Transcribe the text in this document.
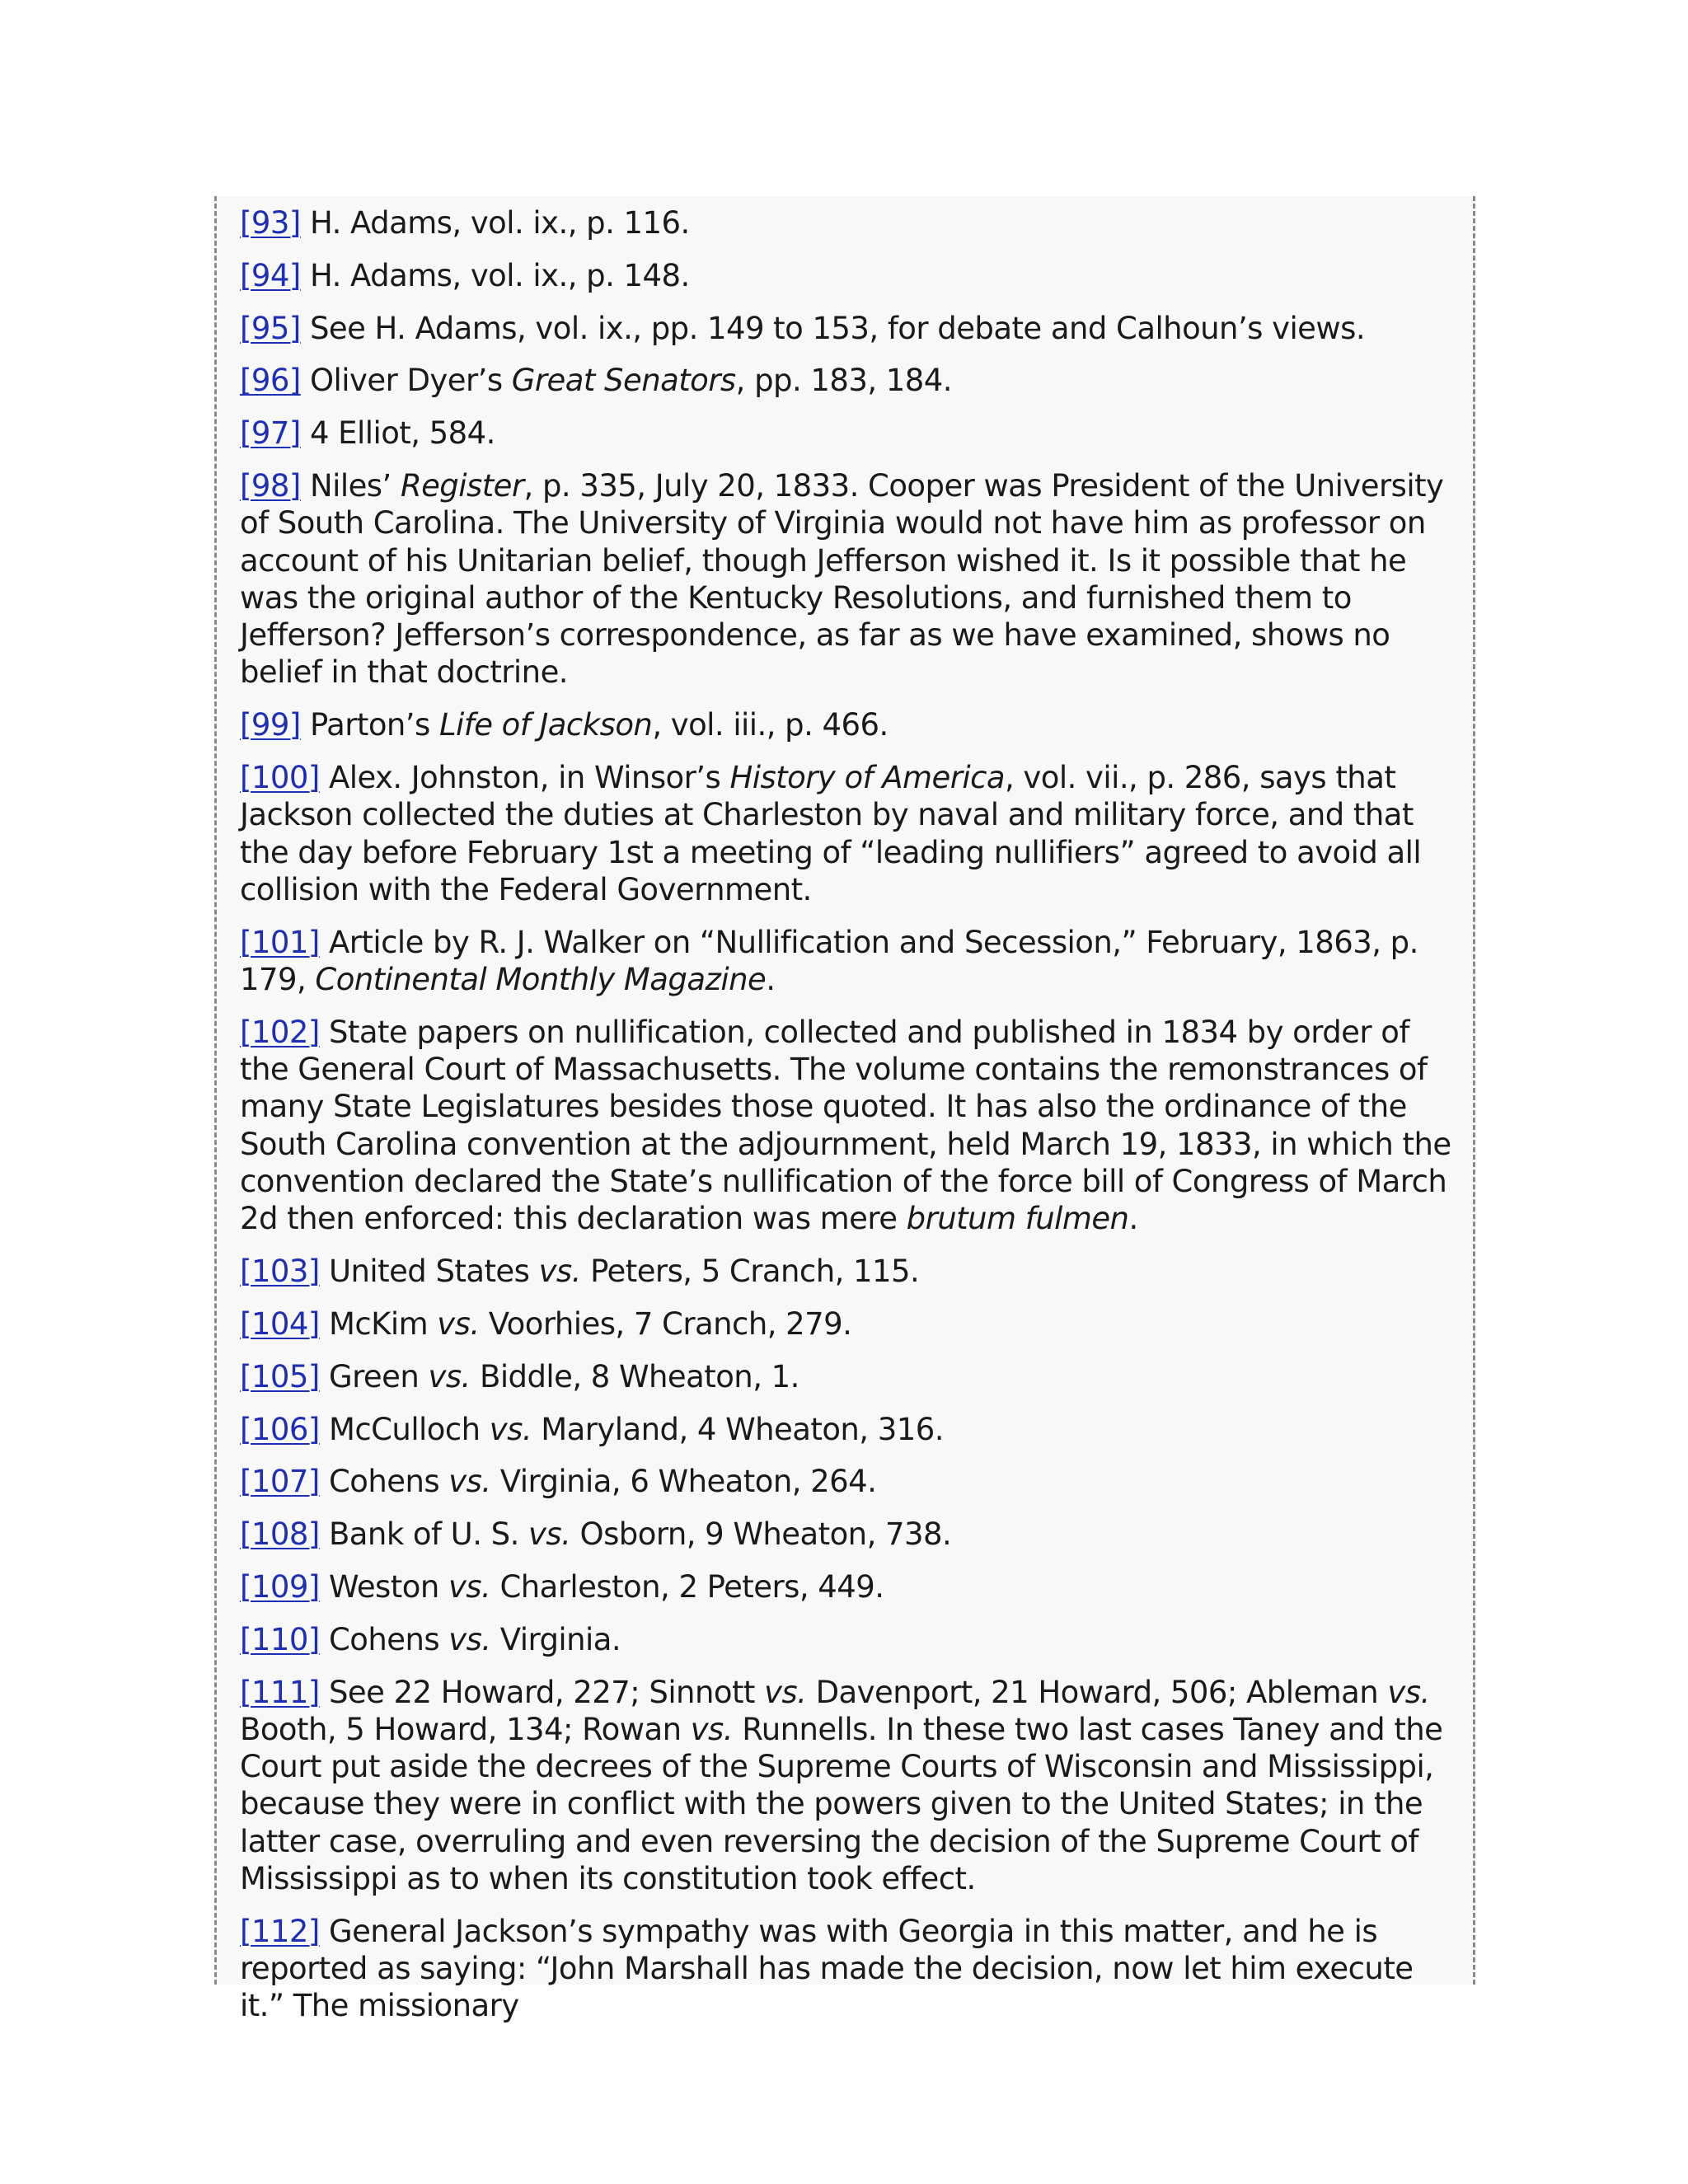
[93] H. Adams, vol. ix., p. 116.

[94] H. Adams, vol. ix., p. 148.

[95] See H. Adams, vol. ix., pp. 149 to 153, for debate and Calhoun’s views.

[96] Oliver Dyer’s Great Senators, pp. 183, 184.

[97] 4 Elliot, 584.

[98] Niles’ Register, p. 335, July 20, 1833. Cooper was President of the University of South Carolina. The University of Virginia would not have him as professor on account of his Unitarian belief, though Jefferson wished it. Is it possible that he was the original author of the Kentucky Resolutions, and furnished them to Jefferson? Jefferson’s correspondence, as far as we have examined, shows no belief in that doctrine.

[99] Parton’s Life of Jackson, vol. iii., p. 466.

[100] Alex. Johnston, in Winsor’s History of America, vol. vii., p. 286, says that Jackson collected the duties at Charleston by naval and military force, and that the day before February 1st a meeting of “leading nullifiers” agreed to avoid all collision with the Federal Government.

[101] Article by R. J. Walker on “Nullification and Secession,” February, 1863, p. 179, Continental Monthly Magazine.

[102] State papers on nullification, collected and published in 1834 by order of the General Court of Massachusetts. The volume contains the remonstrances of many State Legislatures besides those quoted. It has also the ordinance of the South Carolina convention at the adjournment, held March 19, 1833, in which the convention declared the State’s nullification of the force bill of Congress of March 2d then enforced: this declaration was mere brutum fulmen.

[103] United States vs. Peters, 5 Cranch, 115.

[104] McKim vs. Voorhies, 7 Cranch, 279.

[105] Green vs. Biddle, 8 Wheaton, 1.

[106] McCulloch vs. Maryland, 4 Wheaton, 316.

[107] Cohens vs. Virginia, 6 Wheaton, 264.

[108] Bank of U. S. vs. Osborn, 9 Wheaton, 738.

[109] Weston vs. Charleston, 2 Peters, 449.

[110] Cohens vs. Virginia.

[111] See 22 Howard, 227; Sinnott vs. Davenport, 21 Howard, 506; Ableman vs. Booth, 5 Howard, 134; Rowan vs. Runnells. In these two last cases Taney and the Court put aside the decrees of the Supreme Courts of Wisconsin and Mississippi, because they were in conflict with the powers given to the United States; in the latter case, overruling and even reversing the decision of the Supreme Court of Mississippi as to when its constitution took effect.

[112] General Jackson’s sympathy was with Georgia in this matter, and he is reported as saying: “John Marshall has made the decision, now let him execute it.” The missionary
